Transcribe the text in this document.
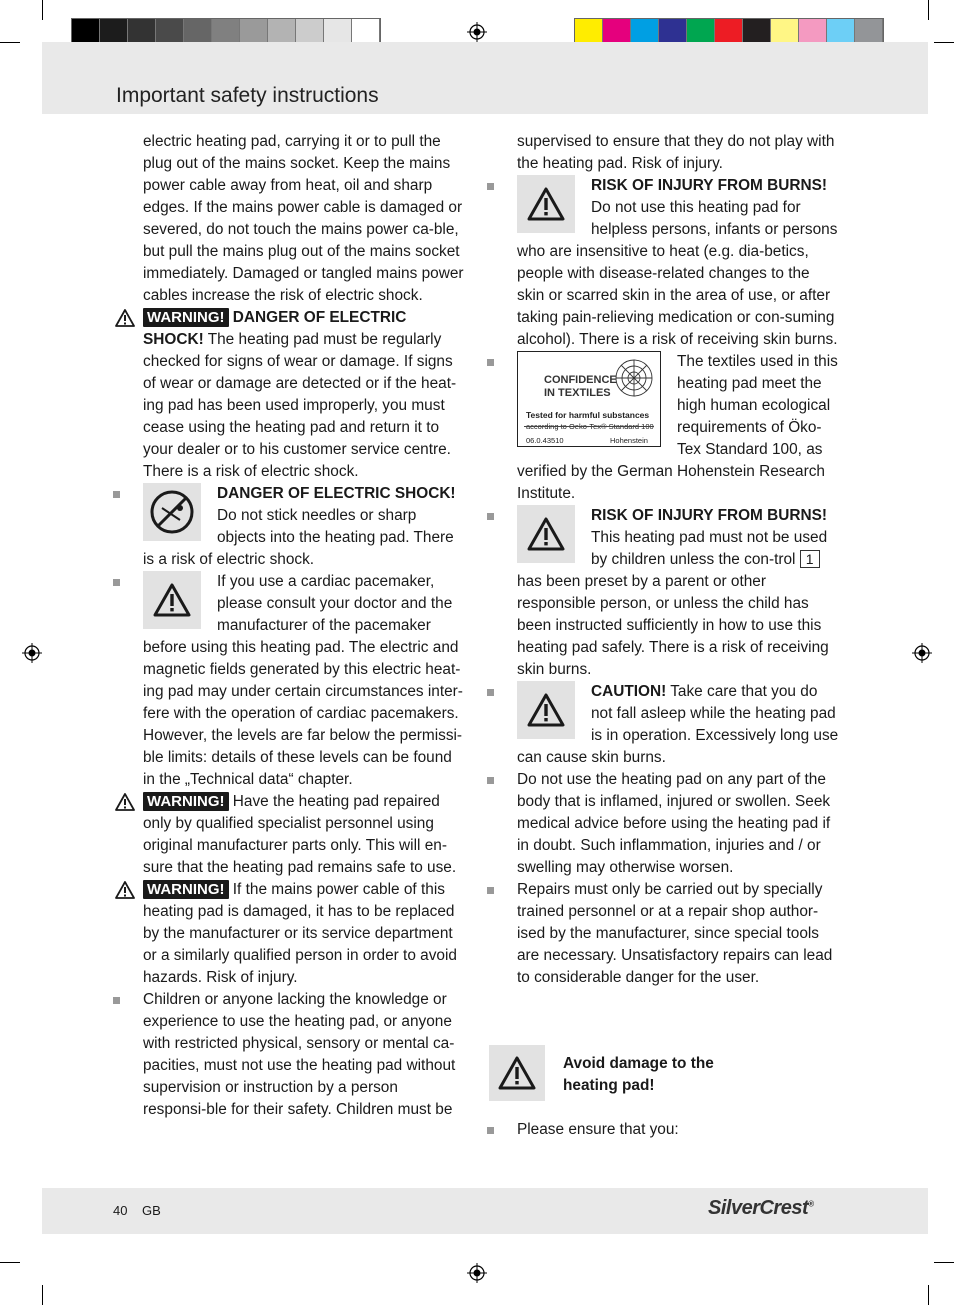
Important safety instructions

electric heating pad, carrying it or to pull the plug out of the mains socket. Keep the mains power cable away from heat, oil and sharp edges. If the mains power cable is damaged or severed, do not touch the mains power ca-ble, but pull the mains plug out of the mains socket immediately. Damaged or tangled mains power cables increase the risk of electric shock.

WARNING! DANGER OF ELECTRIC SHOCK! The heating pad must be regularly checked for signs of wear or damage. If signs of wear or damage are detected or if the heat-ing pad has been used improperly, you must cease using the heating pad and return it to your dealer or to his customer service centre. There is a risk of electric shock.
DANGER OF ELECTRIC SHOCK! Do not stick needles or sharp objects into the heating pad. There is a risk of electric shock.
If you use a cardiac pacemaker, please consult your doctor and the manufacturer of the pacemaker before using this heating pad. The electric and magnetic fields generated by this electric heat-ing pad may under certain circumstances inter-fere with the operation of cardiac pacemakers. However, the levels are far below the permissi-ble limits: details of these levels can be found in the „Technical data“ chapter.
WARNING! Have the heating pad repaired only by qualified specialist personnel using original manufacturer parts only. This will en-sure that the heating pad remains safe to use.
WARNING! If the mains power cable of this heating pad is damaged, it has to be replaced by the manufacturer or its service department or a similarly qualified person in order to avoid hazards. Risk of injury.
Children or anyone lacking the knowledge or experience to use the heating pad, or anyone with restricted physical, sensory or mental ca-pacities, must not use the heating pad without supervision or instruction by a person responsi-ble for their safety. Children must be

supervised to ensure that they do not play with the heating pad. Risk of injury.

RISK OF INJURY FROM BURNS! Do not use this heating pad for helpless persons, infants or persons who are insensitive to heat (e.g. dia-betics, people with disease-related changes to the skin or scarred skin in the area of use, or after taking pain-relieving medication or con-suming alcohol). There is a risk of receiving skin burns.
CONFIDENCE
IN TEXTILES
Tested for harmful substances
according to Oeko-Tex® Standard 100
06.0.43510	Hohenstein
The textiles used in this heating pad meet the high human ecological requirements of Öko-Tex Standard 100, as verified by the German Hohenstein Research Institute.
RISK OF INJURY FROM BURNS! This heating pad must not be used by children unless the con-trol 1 has been preset by a parent or other responsible person, or unless the child has been instructed sufficiently in how to use this heating pad safely. There is a risk of receiving skin burns.
CAUTION! Take care that you do not fall asleep while the heating pad is in operation. Excessively long use can cause skin burns.
Do not use the heating pad on any part of the body that is inflamed, injured or swollen. Seek medical advice before using the heating pad if in doubt. Such inflammation, injuries and / or swelling may otherwise worsen.
Repairs must only be carried out by specially trained personnel or at a repair shop author-ised by the manufacturer, since special tools are necessary. Unsatisfactory repairs can lead to considerable danger for the user.
Avoid damage to the
heating pad!
Please ensure that you:
40 GB	SilverCrest®
